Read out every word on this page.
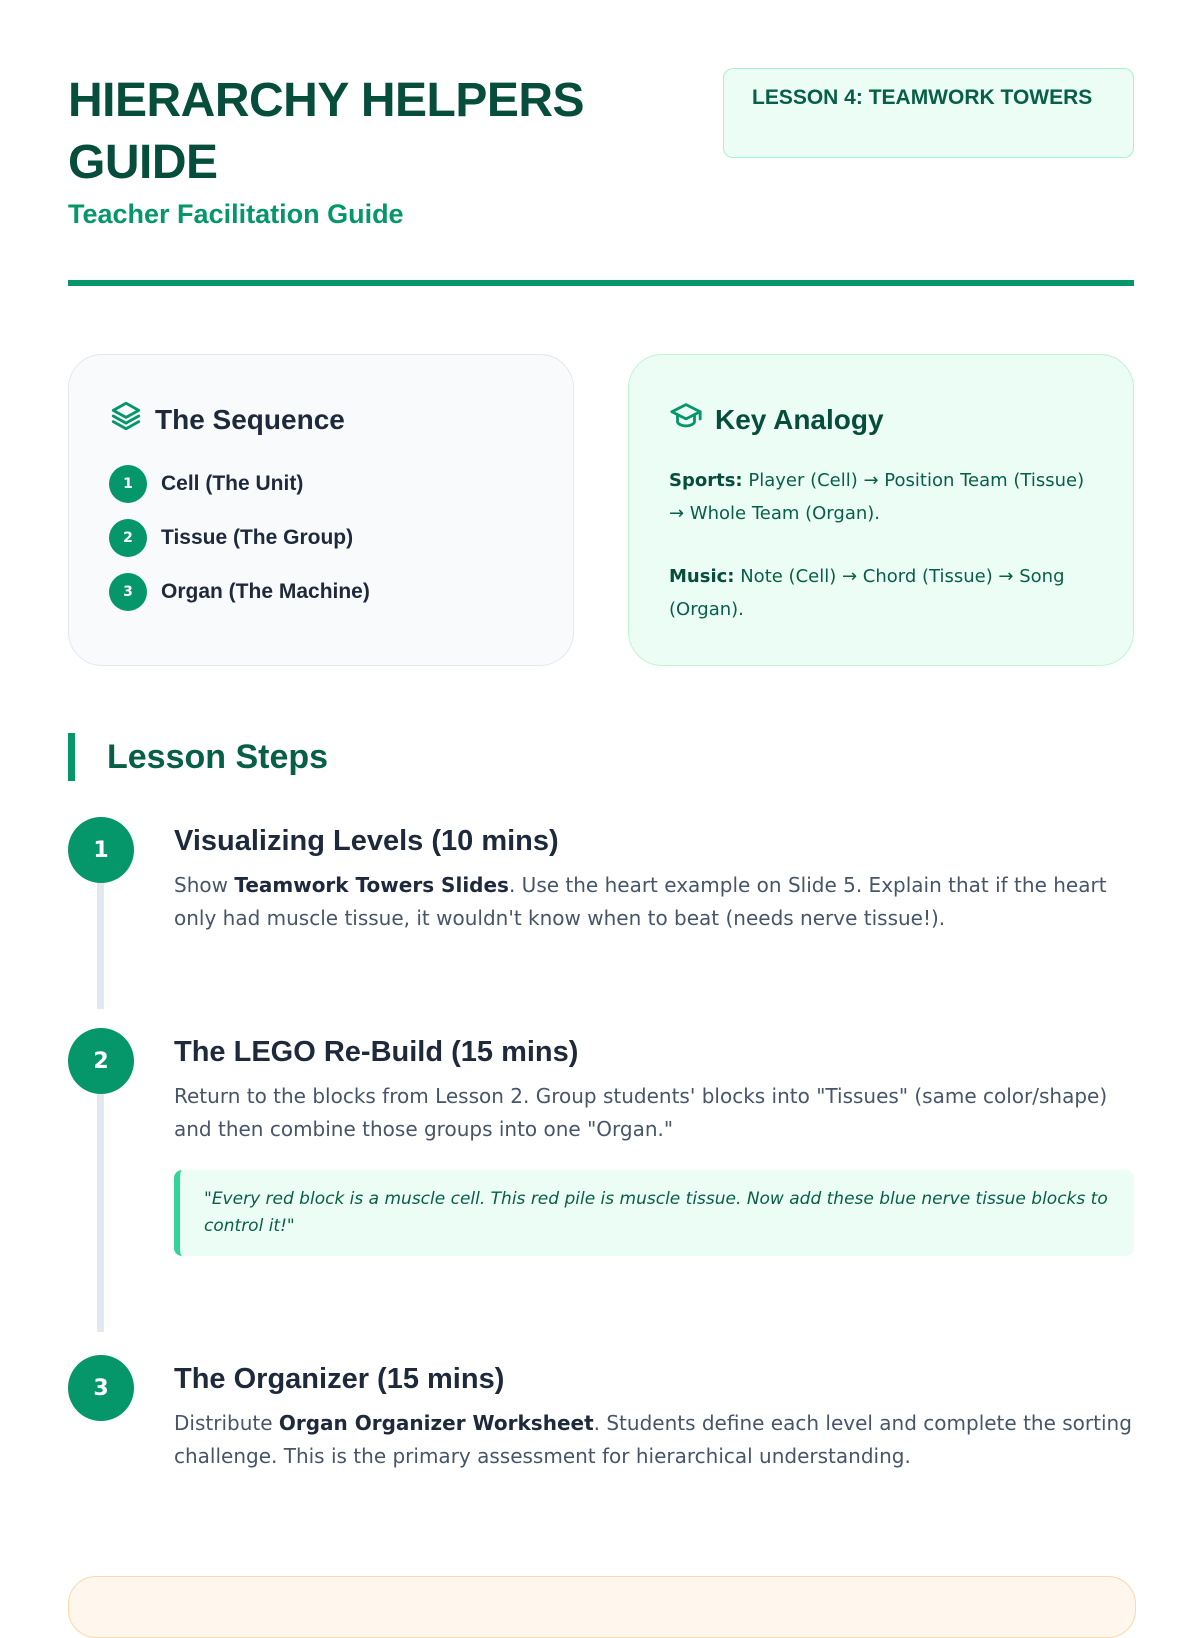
HIERARCHY HELPERS GUIDE
Teacher Facilitation Guide
LESSON 4: TEAMWORK TOWERS
The Sequence
1	Cell (The Unit)
2	Tissue (The Group)
3	Organ (The Machine)
Key Analogy

Sports: Player (Cell) → Position Team (Tissue) → Whole Team (Organ).

Music: Note (Cell) → Chord (Tissue) → Song (Organ).

Lesson Steps
1	Visualizing Levels (10 mins)

Show Teamwork Towers Slides. Use the heart example on Slide 5. Explain that if the heart only had muscle tissue, it wouldn't know when to beat (needs nerve tissue!).

2	The LEGO Re-Build (15 mins)

Return to the blocks from Lesson 2. Group students' blocks into "Tissues" (same color/shape) and then combine those groups into one "Organ."

"Every red block is a muscle cell. This red pile is muscle tissue. Now add these blue nerve tissue blocks to control it!"
3	The Organizer (15 mins)

Distribute Organ Organizer Worksheet. Students define each level and complete the sorting challenge. This is the primary assessment for hierarchical understanding.
